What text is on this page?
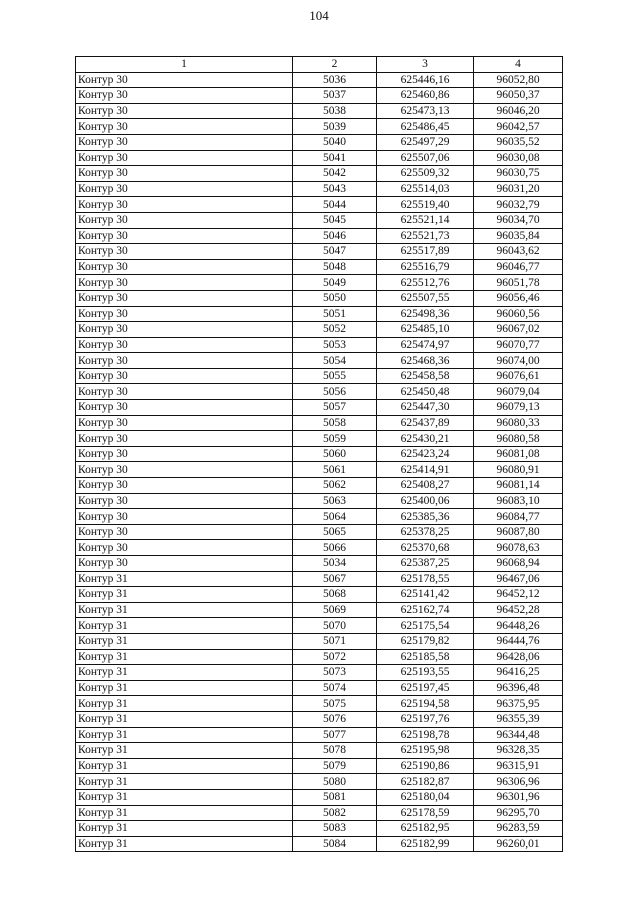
104
1	2	3	4
Контур 30	5036	625446,16	96052,80
Контур 30	5037	625460,86	96050,37
Контур 30	5038	625473,13	96046,20
Контур 30	5039	625486,45	96042,57
Контур 30	5040	625497,29	96035,52
Контур 30	5041	625507,06	96030,08
Контур 30	5042	625509,32	96030,75
Контур 30	5043	625514,03	96031,20
Контур 30	5044	625519,40	96032,79
Контур 30	5045	625521,14	96034,70
Контур 30	5046	625521,73	96035,84
Контур 30	5047	625517,89	96043,62
Контур 30	5048	625516,79	96046,77
Контур 30	5049	625512,76	96051,78
Контур 30	5050	625507,55	96056,46
Контур 30	5051	625498,36	96060,56
Контур 30	5052	625485,10	96067,02
Контур 30	5053	625474,97	96070,77
Контур 30	5054	625468,36	96074,00
Контур 30	5055	625458,58	96076,61
Контур 30	5056	625450,48	96079,04
Контур 30	5057	625447,30	96079,13
Контур 30	5058	625437,89	96080,33
Контур 30	5059	625430,21	96080,58
Контур 30	5060	625423,24	96081,08
Контур 30	5061	625414,91	96080,91
Контур 30	5062	625408,27	96081,14
Контур 30	5063	625400,06	96083,10
Контур 30	5064	625385,36	96084,77
Контур 30	5065	625378,25	96087,80
Контур 30	5066	625370,68	96078,63
Контур 30	5034	625387,25	96068,94
Контур 31	5067	625178,55	96467,06
Контур 31	5068	625141,42	96452,12
Контур 31	5069	625162,74	96452,28
Контур 31	5070	625175,54	96448,26
Контур 31	5071	625179,82	96444,76
Контур 31	5072	625185,58	96428,06
Контур 31	5073	625193,55	96416,25
Контур 31	5074	625197,45	96396,48
Контур 31	5075	625194,58	96375,95
Контур 31	5076	625197,76	96355,39
Контур 31	5077	625198,78	96344,48
Контур 31	5078	625195,98	96328,35
Контур 31	5079	625190,86	96315,91
Контур 31	5080	625182,87	96306,96
Контур 31	5081	625180,04	96301,96
Контур 31	5082	625178,59	96295,70
Контур 31	5083	625182,95	96283,59
Контур 31	5084	625182,99	96260,01
